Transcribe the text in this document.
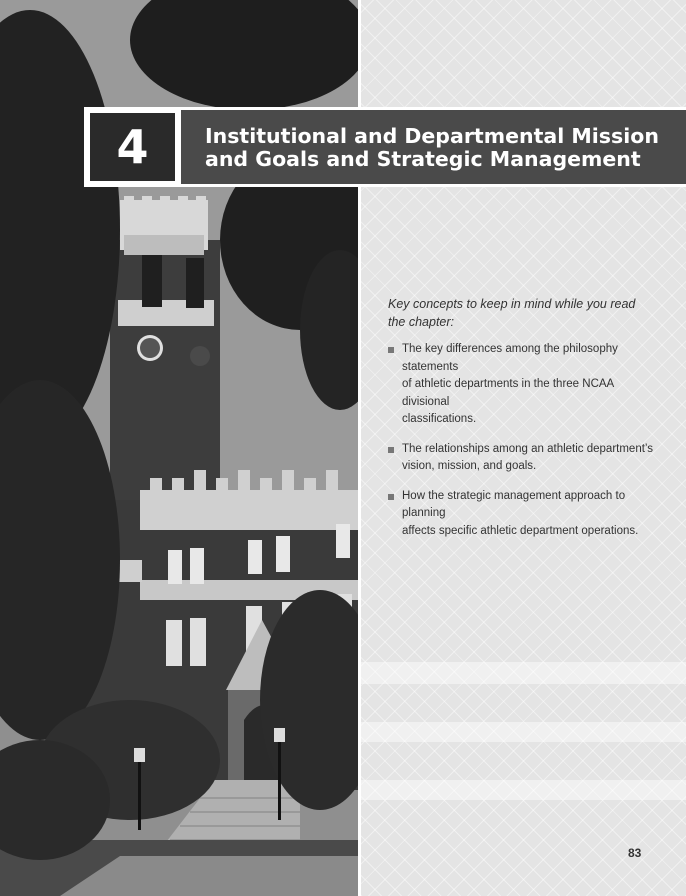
4	Institutional and Departmental Mission
and Goals and Strategic Management
Key concepts to keep in mind while you read
the chapter:
The key differences among the philosophy statements
of athletic departments in the three NCAA divisional
classifications.
The relationships among an athletic department’s
vision, mission, and goals.
How the strategic management approach to planning
affects specific athletic department operations.
83
